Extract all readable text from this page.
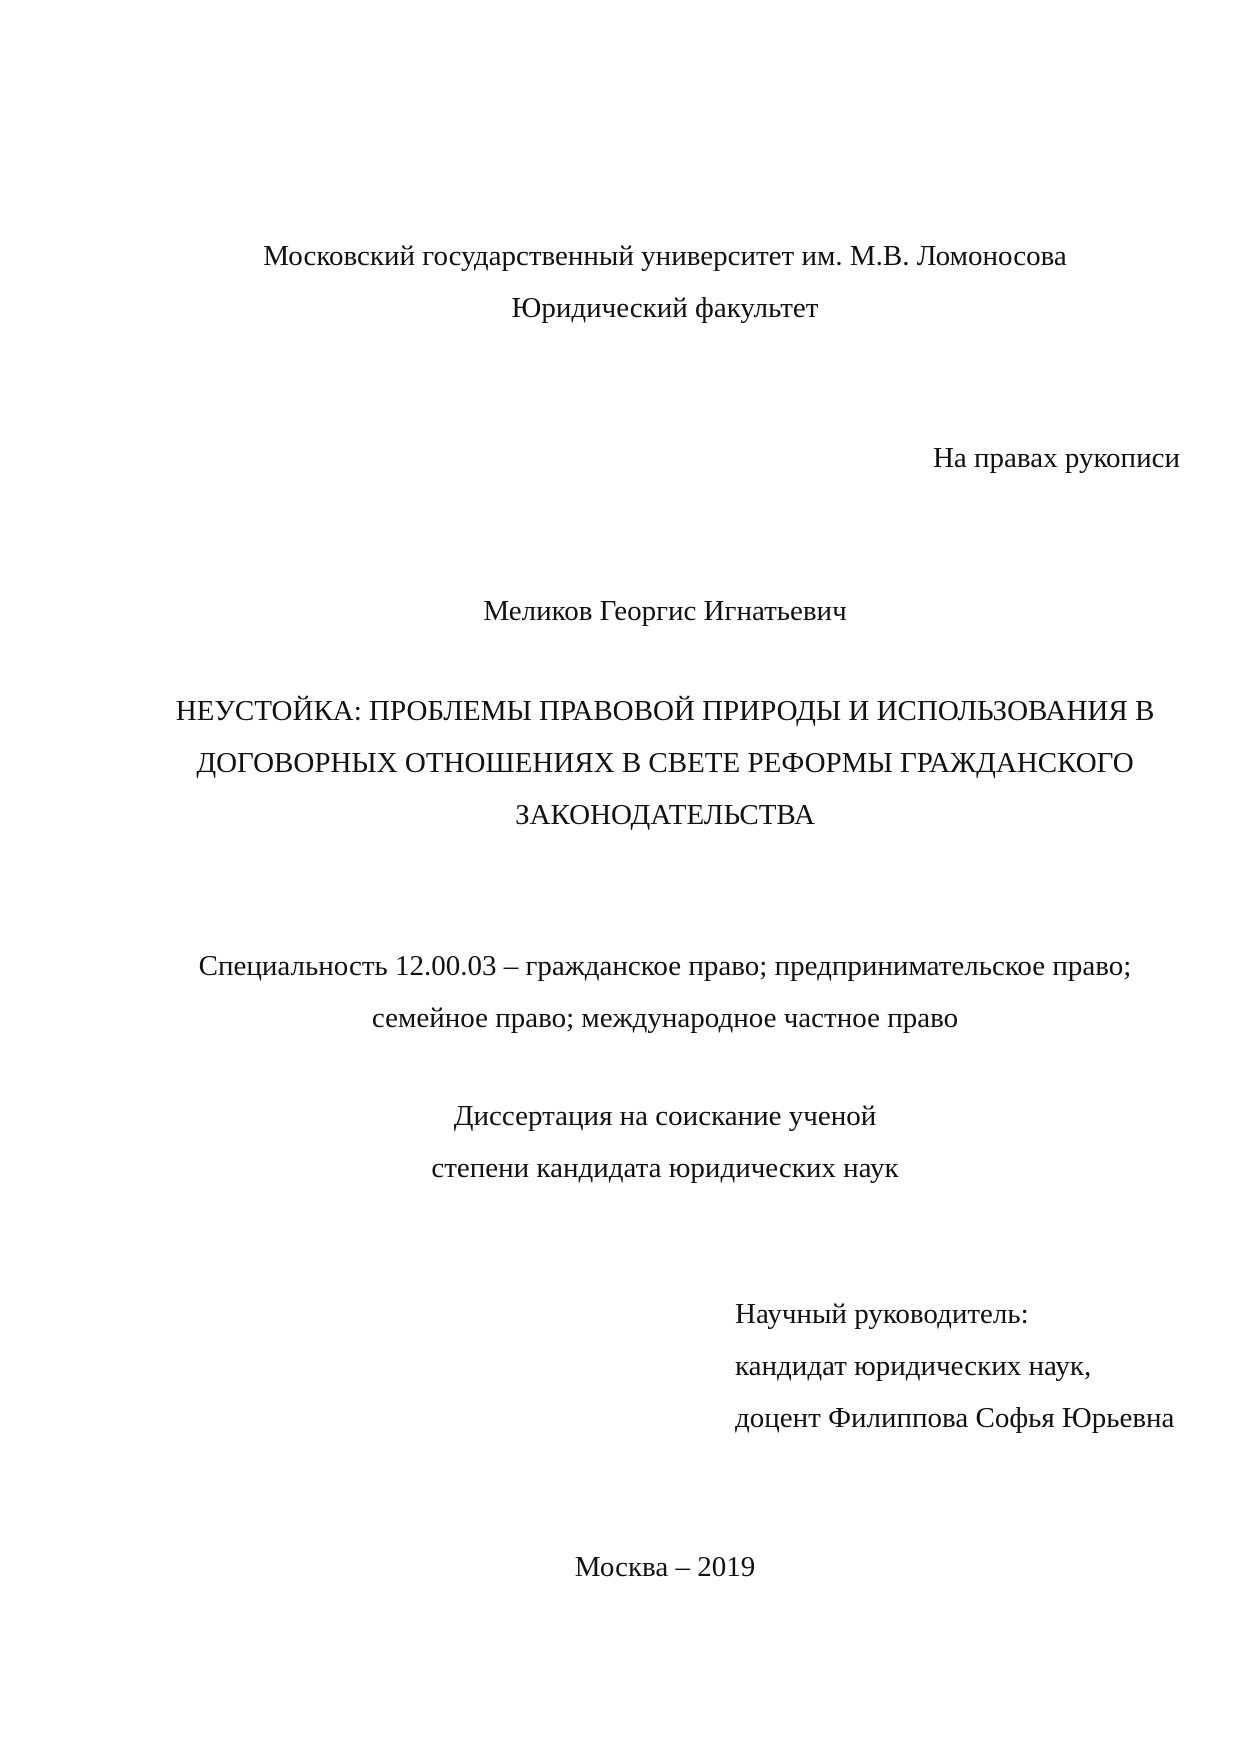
Московский государственный университет им. М.В. Ломоносова
Юридический факультет
На правах рукописи
Меликов Георгис Игнатьевич
НЕУСТОЙКА: ПРОБЛЕМЫ ПРАВОВОЙ ПРИРОДЫ И ИСПОЛЬЗОВАНИЯ В
ДОГОВОРНЫХ ОТНОШЕНИЯХ В СВЕТЕ РЕФОРМЫ ГРАЖДАНСКОГО
ЗАКОНОДАТЕЛЬСТВА
Специальность 12.00.03 – гражданское право; предпринимательское право;
семейное право; международное частное право
Диссертация на соискание ученой
степени кандидата юридических наук
Научный руководитель:
кандидат юридических наук,
доцент Филиппова Софья Юрьевна
Москва – 2019
